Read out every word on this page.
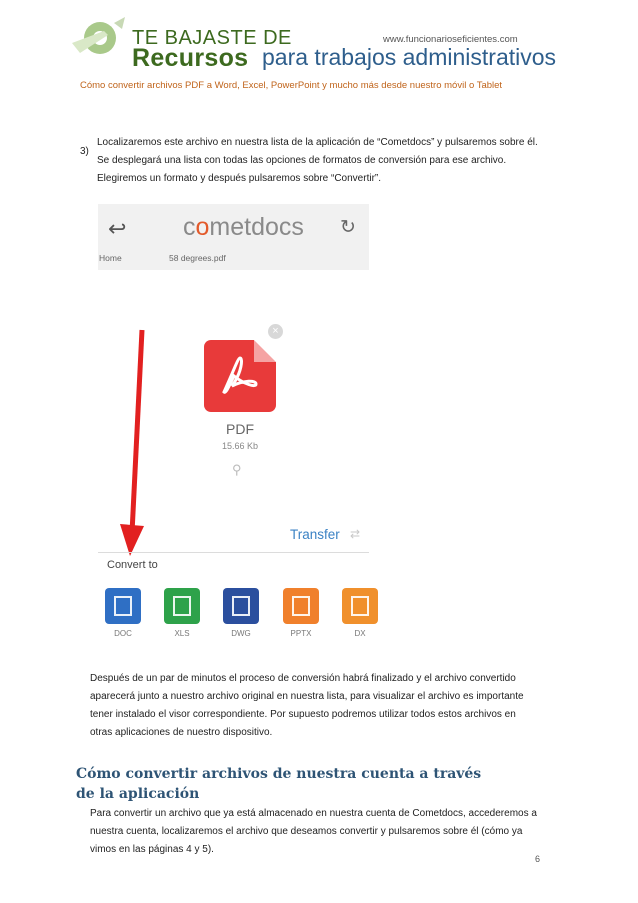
www.funcionarioseficientes.com
TE BAJASTE DE
Recursos para trabajos administrativos
Cómo convertir archivos PDF a Word, Excel, PowerPoint y mucho más desde nuestro móvil o Tablet
3)
Localizaremos este archivo en nuestra lista de la aplicación de “Cometdocs” y pulsaremos sobre él. Se desplegará una lista con todas las opciones de formatos de conversión para ese archivo. Elegiremos un formato y después pulsaremos sobre “Convertir”.
↩ cometdocs ↻
Home	58 degrees.pdf
×
PDF
15.66 Kb
⚲
Transfer ⇄
Convert to
DOC	XLS	DWG	PPTX	DX
Después de un par de minutos el proceso de conversión habrá finalizado y el archivo convertido aparecerá junto a nuestro archivo original en nuestra lista, para visualizar el archivo es importante tener instalado el visor correspondiente. Por supuesto podremos utilizar todos estos archivos en otras aplicaciones de nuestro dispositivo.
Cómo convertir archivos de nuestra cuenta a través de la aplicación
Para convertir un archivo que ya está almacenado en nuestra cuenta de Cometdocs, accederemos a nuestra cuenta, localizaremos el archivo que deseamos convertir y pulsaremos sobre él (cómo ya vimos en las páginas 4 y 5).
6
